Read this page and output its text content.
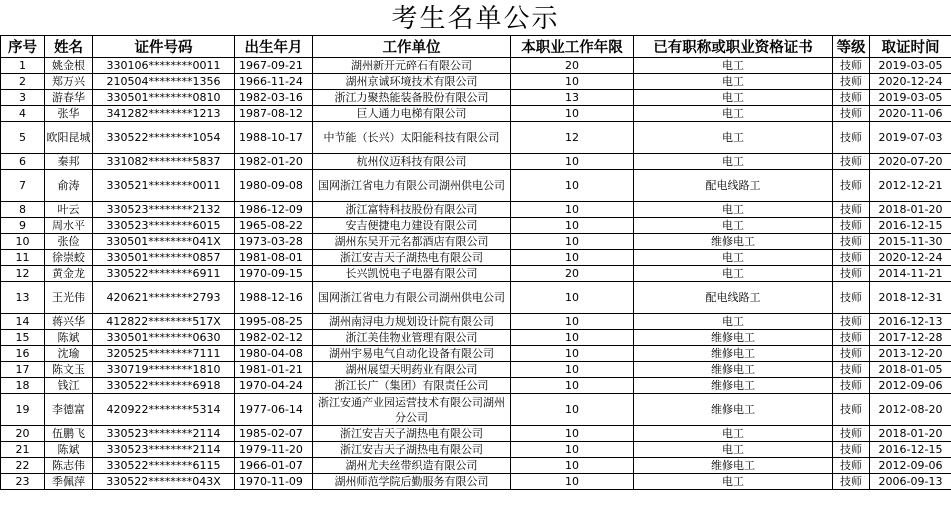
考生名单公示
序号	姓名	证件号码	出生年月	工作单位	本职业工作年限	已有职称或职业资格证书	等级	取证时间
1	姚金根	330106********0011	1967-09-21	湖州新开元碎石有限公司	20	电工	技师	2019-03-05
2	郑万兴	210504********1356	1966-11-24	湖州京诚环境技术有限公司	10	电工	技师	2020-12-24
3	游春华	330501********0810	1982-03-16	浙江力聚热能装备股份有限公司	13	电工	技师	2019-03-05
4	张华	341282********1213	1987-08-12	巨人通力电梯有限公司	10	电工	技师	2020-11-06
5	欧阳昆城	330522********1054	1988-10-17	中节能（长兴）太阳能科技有限公司	12	电工	技师	2019-07-03
6	秦邦	331082********5837	1982-01-20	杭州仪迈科技有限公司	10	电工	技师	2020-07-20
7	俞涛	330521********0011	1980-09-08	国网浙江省电力有限公司湖州供电公司	10	配电线路工	技师	2012-12-21
8	叶云	330523********2132	1986-12-09	浙江富特科技股份有限公司	10	电工	技师	2018-01-20
9	周水平	330523********6015	1965-08-22	安吉便捷电力建设有限公司	10	电工	技师	2016-12-15
10	张俭	330501********041X	1973-03-28	湖州东吴开元名都酒店有限公司	10	维修电工	技师	2015-11-30
11	徐崇蛟	330501********0857	1981-08-01	浙江安吉天子湖热电有限公司	10	电工	技师	2020-12-24
12	黄金龙	330522********6911	1970-09-15	长兴凯悦电子电器有限公司	20	电工	技师	2014-11-21
13	王光伟	420621********2793	1988-12-16	国网浙江省电力有限公司湖州供电公司	10	配电线路工	技师	2018-12-31
14	蒋兴华	412822********517X	1995-08-25	湖州南浔电力规划设计院有限公司	10	电工	技师	2016-12-13
15	陈斌	330501********0630	1982-02-12	浙江美佳物业管理有限公司	10	维修电工	技师	2017-12-28
16	沈瑜	320525********7111	1980-04-08	湖州宇易电气自动化设备有限公司	10	维修电工	技师	2013-12-20
17	陈文玉	330719********1810	1981-01-21	湖州展望天明药业有限公司	10	维修电工	技师	2018-01-05
18	钱江	330522********6918	1970-04-24	浙江长广（集团）有限责任公司	10	维修电工	技师	2012-09-06
19	李德富	420922********5314	1977-06-14	浙江安通产业园运营技术有限公司湖州分公司	10	维修电工	技师	2012-08-20
20	伍鹏飞	330523********2114	1985-02-07	浙江安吉天子湖热电有限公司	10	电工	技师	2018-01-20
21	陈斌	330523********2114	1979-11-20	浙江安吉天子湖热电有限公司	10	电工	技师	2016-12-15
22	陈志伟	330522********6115	1966-01-07	湖州尤夫丝带织造有限公司	10	维修电工	技师	2012-09-06
23	季佩萍	330522********043X	1970-11-09	湖州师范学院后勤服务有限公司	10	电工	技师	2006-09-13
